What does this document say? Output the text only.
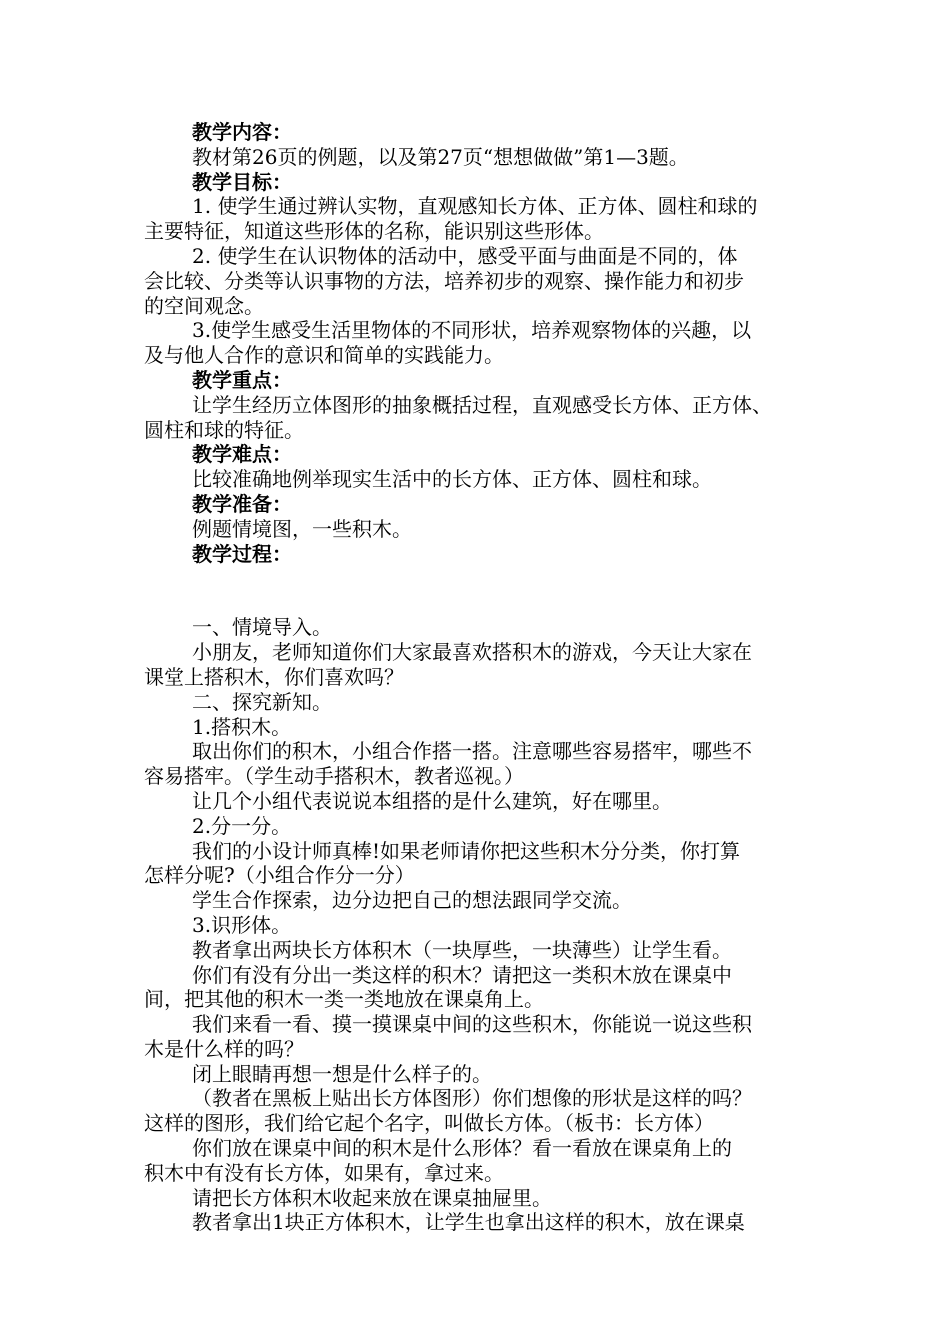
教学内容：

教材第26页的例题，以及第27页“想想做做”第1—3题。

教学目标：

1. 使学生通过辨认实物，直观感知长方体、正方体、圆柱和球的

主要特征，知道这些形体的名称，能识别这些形体。

2. 使学生在认识物体的活动中，感受平面与曲面是不同的，体

会比较、分类等认识事物的方法，培养初步的观察、操作能力和初步

的空间观念。

3.使学生感受生活里物体的不同形状，培养观察物体的兴趣，以

及与他人合作的意识和简单的实践能力。

教学重点：

让学生经历立体图形的抽象概括过程，直观感受长方体、正方体、

圆柱和球的特征。

教学难点：

比较准确地例举现实生活中的长方体、正方体、圆柱和球。

教学准备：

例题情境图，一些积木。

教学过程：

一、情境导入。

小朋友，老师知道你们大家最喜欢搭积木的游戏，今天让大家在

课堂上搭积木，你们喜欢吗？

二、探究新知。

1.搭积木。

取出你们的积木，小组合作搭一搭。注意哪些容易搭牢，哪些不

容易搭牢。（学生动手搭积木，教者巡视。）

让几个小组代表说说本组搭的是什么建筑，好在哪里。

2.分一分。

我们的小设计师真棒!如果老师请你把这些积木分分类，你打算

怎样分呢?（小组合作分一分）

学生合作探索，边分边把自己的想法跟同学交流。

3.识形体。

教者拿出两块长方体积木（一块厚些，一块薄些）让学生看。

你们有没有分出一类这样的积木？请把这一类积木放在课桌中

间，把其他的积木一类一类地放在课桌角上。

我们来看一看、摸一摸课桌中间的这些积木，你能说一说这些积

木是什么样的吗？

闭上眼睛再想一想是什么样子的。

（教者在黑板上贴出长方体图形）你们想像的形状是这样的吗？

这样的图形，我们给它起个名字，叫做长方体。（板书：长方体）

你们放在课桌中间的积木是什么形体？看一看放在课桌角上的

积木中有没有长方体，如果有，拿过来。

请把长方体积木收起来放在课桌抽屉里。

教者拿出1块正方体积木，让学生也拿出这样的积木，放在课桌
